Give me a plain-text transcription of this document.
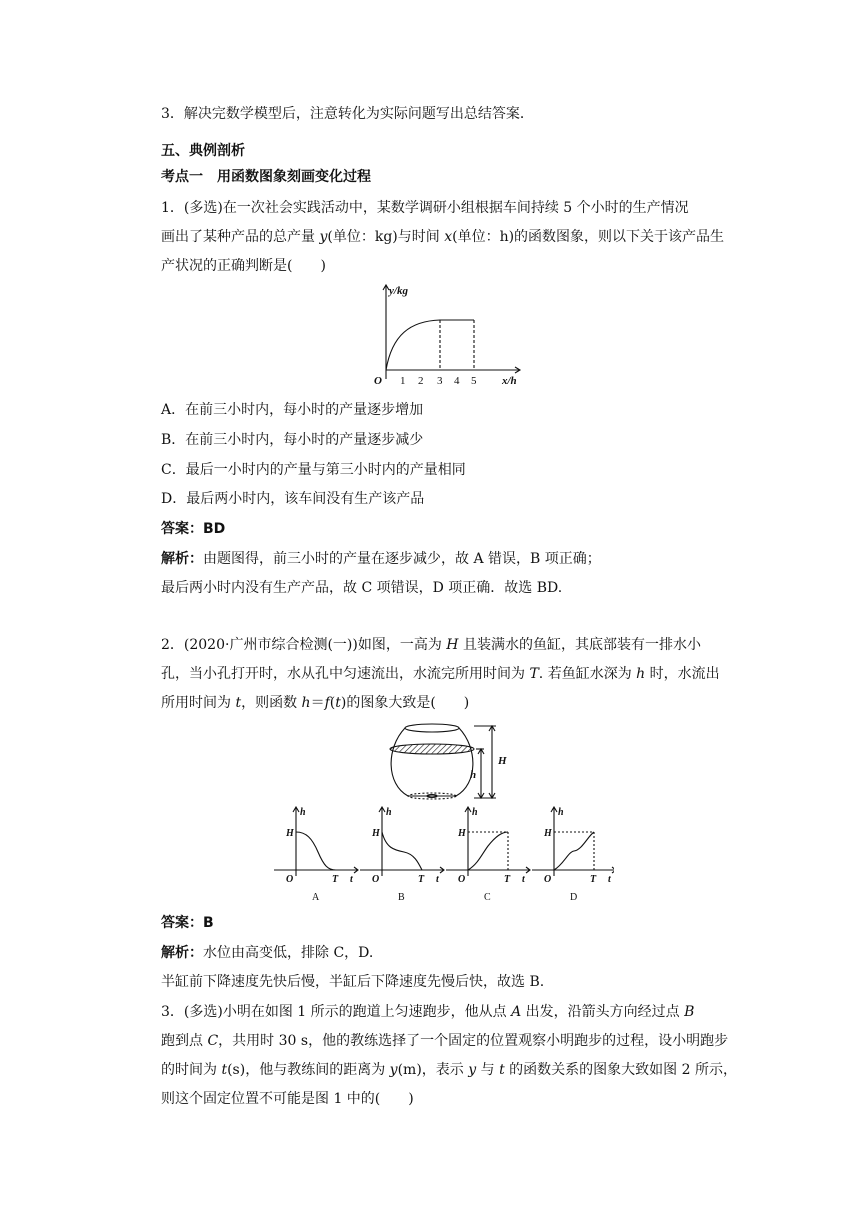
3．解决完数学模型后，注意转化为实际问题写出总结答案．
五、典例剖析
考点一　用函数图象刻画变化过程
1．(多选)在一次社会实践活动中，某数学调研小组根据车间持续 5 个小时的生产情况
画出了某种产品的总产量 y(单位：kg)与时间 x(单位：h)的函数图象，则以下关于该产品生
产状况的正确判断是(　　)
y/kg
O 1 2 3 4 5 x/h
A．在前三小时内，每小时的产量逐步增加
B．在前三小时内，每小时的产量逐步减少
C．最后一小时内的产量与第三小时内的产量相同
D．最后两小时内，该车间没有生产该产品
答案：BD
解析：由题图得，前三小时的产量在逐步减少，故 A 错误，B 项正确；
最后两小时内没有生产产品，故 C 项错误，D 项正确．故选 BD.
2．(2020·广州市综合检测(一))如图，一高为 H 且装满水的鱼缸，其底部装有一排水小
孔，当小孔打开时，水从孔中匀速流出，水流完所用时间为 T. 若鱼缸水深为 h 时，水流出
所用时间为 t，则函数 h＝f(t)的图象大致是(　　)
H
h
h
H
O	T t
A
h
H
O	T t
B
h
H
O	T t
C
h
H
O	T t
D
答案：B
解析：水位由高变低，排除 C，D.
半缸前下降速度先快后慢，半缸后下降速度先慢后快，故选 B.
3．(多选)小明在如图 1 所示的跑道上匀速跑步，他从点 A 出发，沿箭头方向经过点 B
跑到点 C，共用时 30 s，他的教练选择了一个固定的位置观察小明跑步的过程，设小明跑步
的时间为 t(s)，他与教练间的距离为 y(m)，表示 y 与 t 的函数关系的图象大致如图 2 所示，
则这个固定位置不可能是图 1 中的(　　)
